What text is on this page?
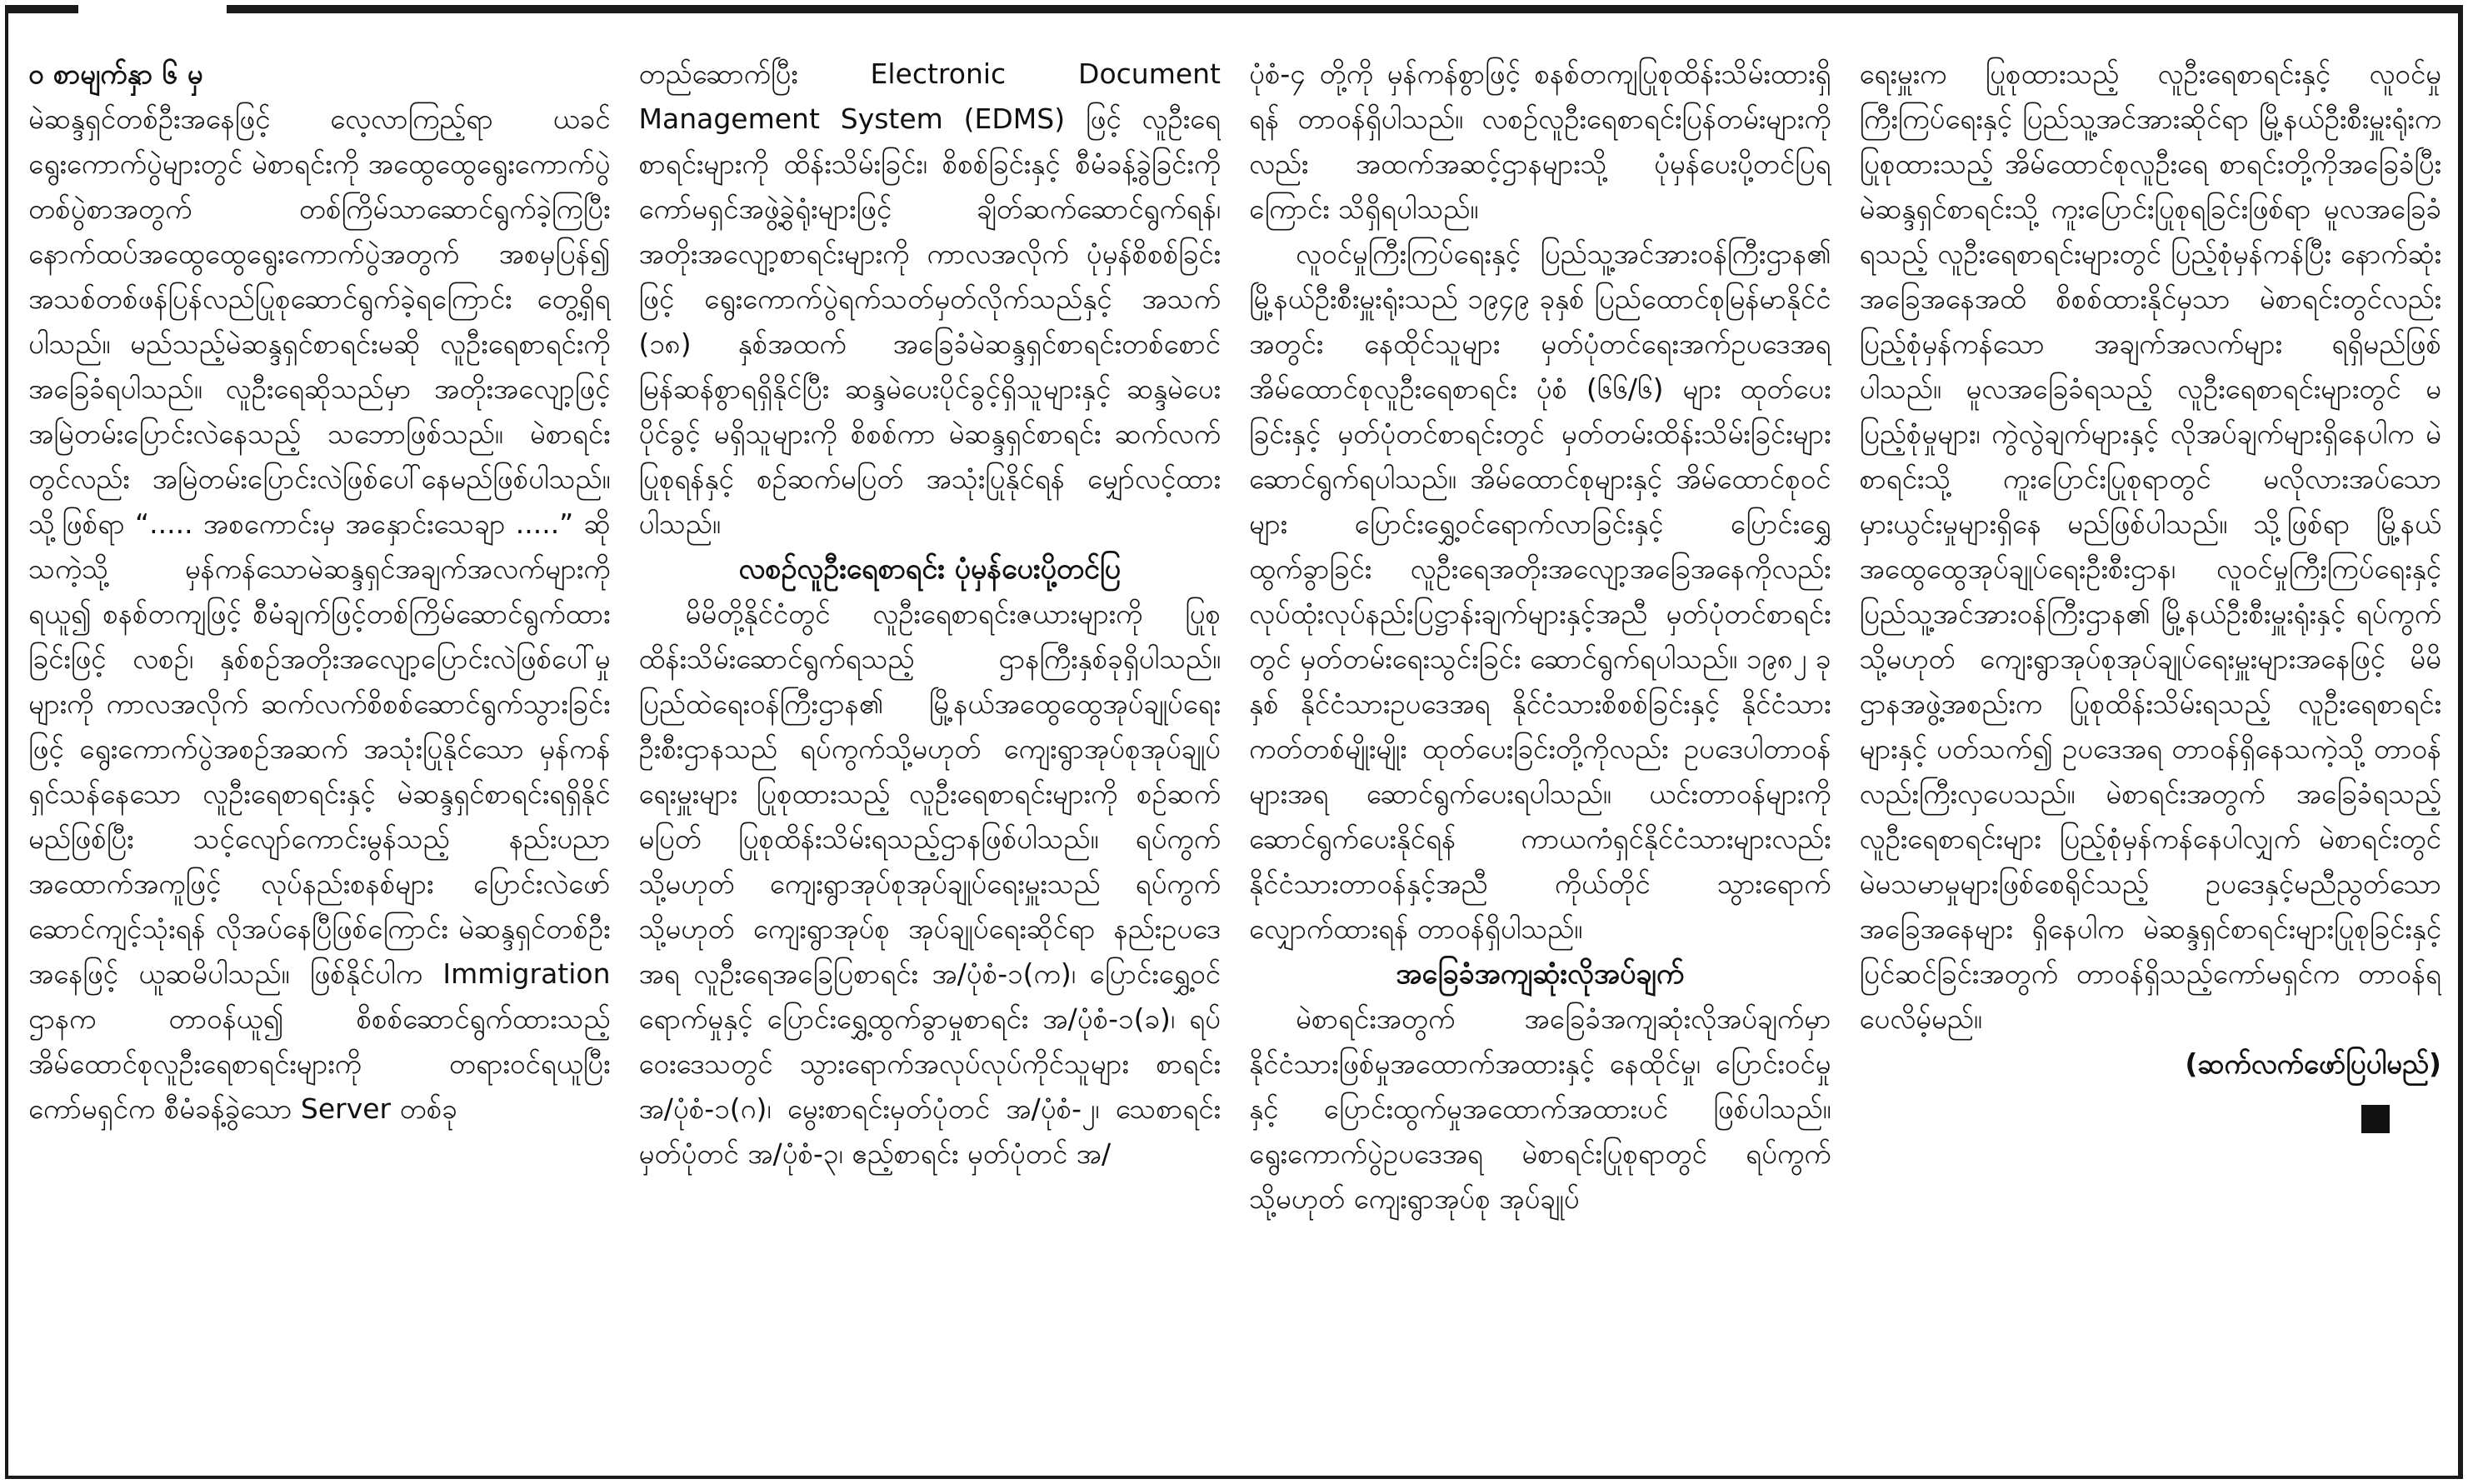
၀ စာမျက်နှာ ၆ မှ

မဲဆန္ဒရှင်တစ်ဦးအနေဖြင့် လေ့လာကြည့်ရာ ယခင်ရွေးကောက်ပွဲများတွင် မဲစာရင်းကို အထွေထွေရွေးကောက်ပွဲတစ်ပွဲစာအတွက် တစ်ကြိမ်သာဆောင်ရွက်ခဲ့ကြပြီး နောက်ထပ်အထွေထွေရွေးကောက်ပွဲအတွက် အစမှပြန်၍ အသစ်တစ်ဖန်ပြန်လည်ပြုစုဆောင်ရွက်ခဲ့ရကြောင်း တွေ့ရှိရပါသည်။ မည်သည့်မဲဆန္ဒရှင်စာရင်းမဆို လူဦးရေစာရင်းကို အခြေခံရပါသည်။ လူဦးရေဆိုသည်မှာ အတိုးအလျော့ဖြင့် အမြဲတမ်းပြောင်းလဲနေသည့် သဘောဖြစ်သည်။ မဲစာရင်းတွင်လည်း အမြဲတမ်းပြောင်းလဲဖြစ်ပေါ်နေမည်ဖြစ်ပါသည်။ သို့ဖြစ်ရာ “..... အစကောင်းမှ အနှောင်းသေချာ .....” ဆိုသကဲ့သို့ မှန်ကန်သောမဲဆန္ဒရှင်အချက်အလက်များကို ရယူ၍ စနစ်တကျဖြင့် စီမံချက်ဖြင့်တစ်ကြိမ်ဆောင်ရွက်ထားခြင်းဖြင့် လစဉ်၊ နှစ်စဉ်အတိုးအလျော့ပြောင်းလဲဖြစ်ပေါ်မှုများကို ကာလအလိုက် ဆက်လက်စိစစ်ဆောင်ရွက်သွားခြင်းဖြင့် ရွေးကောက်ပွဲအစဉ်အဆက် အသုံးပြုနိုင်သော မှန်ကန်ရှင်သန်နေသော လူဦးရေစာရင်းနှင့် မဲဆန္ဒရှင်စာရင်းရရှိနိုင်မည်ဖြစ်ပြီး သင့်လျော်ကောင်းမွန်သည့် နည်းပညာအထောက်အကူဖြင့် လုပ်နည်းစနစ်များ ပြောင်းလဲဖော်ဆောင်ကျင့်သုံးရန် လိုအပ်နေပြီဖြစ်ကြောင်း မဲဆန္ဒရှင်တစ်ဦးအနေဖြင့် ယူဆမိပါသည်။ ဖြစ်နိုင်ပါက Immigration ဌာနက တာဝန်ယူ၍ စိစစ်ဆောင်ရွက်ထားသည့် အိမ်ထောင်စုလူဦးရေစာရင်းများကို တရားဝင်ရယူပြီး ကော်မရှင်က စီမံခန့်ခွဲသော Server တစ်ခု

တည်ဆောက်ပြီး Electronic Document Management System (EDMS) ဖြင့် လူဦးရေစာရင်းများကို ထိန်းသိမ်းခြင်း၊ စိစစ်ခြင်းနှင့် စီမံခန့်ခွဲခြင်းကို ကော်မရှင်အဖွဲ့ခွဲရုံးများဖြင့် ချိတ်ဆက်ဆောင်ရွက်ရန်၊ အတိုးအလျော့စာရင်းများကို ကာလအလိုက် ပုံမှန်စိစစ်ခြင်းဖြင့် ရွေးကောက်ပွဲရက်သတ်မှတ်လိုက်သည်နှင့် အသက် (၁၈) နှစ်အထက် အခြေခံမဲဆန္ဒရှင်စာရင်းတစ်စောင် မြန်ဆန်စွာရရှိနိုင်ပြီး ဆန္ဒမဲပေးပိုင်ခွင့်ရှိသူများနှင့် ဆန္ဒမဲပေးပိုင်ခွင့် မရှိသူများကို စိစစ်ကာ မဲဆန္ဒရှင်စာရင်း ဆက်လက်ပြုစုရန်နှင့် စဉ်ဆက်မပြတ် အသုံးပြုနိုင်ရန် မျှော်လင့်ထားပါသည်။

လစဉ်လူဦးရေစာရင်း ပုံမှန်ပေးပို့တင်ပြ

မိမိတို့နိုင်ငံတွင် လူဦးရေစာရင်းဇယားများကို ပြုစုထိန်းသိမ်းဆောင်ရွက်ရသည့် ဌာနကြီးနှစ်ခုရှိပါသည်။ ပြည်ထဲရေးဝန်ကြီးဌာန၏ မြို့နယ်အထွေထွေအုပ်ချုပ်ရေးဦးစီးဌာနသည် ရပ်ကွက်သို့မဟုတ် ကျေးရွာအုပ်စုအုပ်ချုပ်ရေးမှူးများ ပြုစုထားသည့် လူဦးရေစာရင်းများကို စဉ်ဆက်မပြတ် ပြုစုထိန်းသိမ်းရသည့်ဌာနဖြစ်ပါသည်။ ရပ်ကွက် သို့မဟုတ် ကျေးရွာအုပ်စုအုပ်ချုပ်ရေးမှူးသည် ရပ်ကွက် သို့မဟုတ် ကျေးရွာအုပ်စု အုပ်ချုပ်ရေးဆိုင်ရာ နည်းဥပဒေအရ လူဦးရေအခြေပြစာရင်း အ/ပုံစံ-၁(က)၊ ပြောင်းရွှေ့ဝင်ရောက်မှုနှင့် ပြောင်းရွှေ့ထွက်ခွာမှုစာရင်း အ/ပုံစံ-၁(ခ)၊ ရပ်ဝေးဒေသတွင် သွားရောက်အလုပ်လုပ်ကိုင်သူများ စာရင်း အ/ပုံစံ-၁(ဂ)၊ မွေးစာရင်းမှတ်ပုံတင် အ/ပုံစံ-၂၊ သေစာရင်းမှတ်ပုံတင် အ/ပုံစံ-၃၊ ဧည့်စာရင်း မှတ်ပုံတင် အ/

ပုံစံ-၄ တို့ကို မှန်ကန်စွာဖြင့် စနစ်တကျပြုစုထိန်းသိမ်းထားရှိရန် တာဝန်ရှိပါသည်။ လစဉ်လူဦးရေစာရင်းပြန်တမ်းများကိုလည်း အထက်အဆင့်ဌာနများသို့ ပုံမှန်ပေးပို့တင်ပြရကြောင်း သိရှိရပါသည်။

လူဝင်မှုကြီးကြပ်ရေးနှင့် ပြည်သူ့အင်အားဝန်ကြီးဌာန၏ မြို့နယ်ဦးစီးမှူးရုံးသည် ၁၉၄၉ ခုနှစ် ပြည်ထောင်စုမြန်မာနိုင်ငံအတွင်း နေထိုင်သူများ မှတ်ပုံတင်ရေးအက်ဥပဒေအရ အိမ်ထောင်စုလူဦးရေစာရင်း ပုံစံ (၆၆/၆) များ ထုတ်ပေးခြင်းနှင့် မှတ်ပုံတင်စာရင်းတွင် မှတ်တမ်းထိန်းသိမ်းခြင်းများ ဆောင်ရွက်ရပါသည်။ အိမ်ထောင်စုများနှင့် အိမ်ထောင်စုဝင်များ ပြောင်းရွှေ့ဝင်ရောက်လာခြင်းနှင့် ပြောင်းရွှေ့ထွက်ခွာခြင်း လူဦးရေအတိုးအလျော့အခြေအနေကိုလည်း လုပ်ထုံးလုပ်နည်းပြဋ္ဌာန်းချက်များနှင့်အညီ မှတ်ပုံတင်စာရင်းတွင် မှတ်တမ်းရေးသွင်းခြင်း ဆောင်ရွက်ရပါသည်။ ၁၉၈၂ ခုနှစ် နိုင်ငံသားဥပဒေအရ နိုင်ငံသားစိစစ်ခြင်းနှင့် နိုင်ငံသားကတ်တစ်မျိုးမျိုး ထုတ်ပေးခြင်းတို့ကိုလည်း ဥပဒေပါတာဝန်များအရ ဆောင်ရွက်ပေးရပါသည်။ ယင်းတာဝန်များကို ဆောင်ရွက်ပေးနိုင်ရန် ကာယကံရှင်နိုင်ငံသားများလည်း နိုင်ငံသားတာဝန်နှင့်အညီ ကိုယ်တိုင် သွားရောက်လျှောက်ထားရန် တာဝန်ရှိပါသည်။

အခြေခံအကျဆုံးလိုအပ်ချက်

မဲစာရင်းအတွက် အခြေခံအကျဆုံးလိုအပ်ချက်မှာ နိုင်ငံသားဖြစ်မှုအထောက်အထားနှင့် နေထိုင်မှု၊ ပြောင်းဝင်မှုနှင့် ပြောင်းထွက်မှုအထောက်အထားပင် ဖြစ်ပါသည်။ ရွေးကောက်ပွဲဥပဒေအရ မဲစာရင်းပြုစုရာတွင် ရပ်ကွက် သို့မဟုတ် ကျေးရွာအုပ်စု အုပ်ချုပ်

ရေးမှူးက ပြုစုထားသည့် လူဦးရေစာရင်းနှင့် လူဝင်မှု ကြီးကြပ်ရေးနှင့် ပြည်သူ့အင်အားဆိုင်ရာ မြို့နယ်ဦးစီးမှူးရုံးကပြုစုထားသည့် အိမ်ထောင်စုလူဦးရေ စာရင်းတို့ကိုအခြေခံပြီး မဲဆန္ဒရှင်စာရင်းသို့ ကူးပြောင်းပြုစုရခြင်းဖြစ်ရာ မူလအခြေခံရသည့် လူဦးရေစာရင်းများတွင် ပြည့်စုံမှန်ကန်ပြီး နောက်ဆုံးအခြေအနေအထိ စိစစ်ထားနိုင်မှသာ မဲစာရင်းတွင်လည်း ပြည့်စုံမှန်ကန်သော အချက်အလက်များ ရရှိမည်ဖြစ်ပါသည်။ မူလအခြေခံရသည့် လူဦးရေစာရင်းများတွင် မပြည့်စုံမှုများ၊ ကွဲလွဲချက်များနှင့် လိုအပ်ချက်များရှိနေပါက မဲစာရင်းသို့ ကူးပြောင်းပြုစုရာတွင် မလိုလားအပ်သော မှားယွင်းမှုများရှိနေ မည်ဖြစ်ပါသည်။ သို့ဖြစ်ရာ မြို့နယ်အထွေထွေအုပ်ချုပ်ရေးဦးစီးဌာန၊ လူဝင်မှုကြီးကြပ်ရေးနှင့် ပြည်သူ့အင်အားဝန်ကြီးဌာန၏ မြို့နယ်ဦးစီးမှူးရုံးနှင့် ရပ်ကွက် သို့မဟုတ် ကျေးရွာအုပ်စုအုပ်ချုပ်ရေးမှူးများအနေဖြင့် မိမိဌာနအဖွဲ့အစည်းက ပြုစုထိန်းသိမ်းရသည့် လူဦးရေစာရင်းများနှင့် ပတ်သက်၍ ဥပဒေအရ တာဝန်ရှိနေသကဲ့သို့ တာဝန်လည်းကြီးလှပေသည်။ မဲစာရင်းအတွက် အခြေခံရသည့် လူဦးရေစာရင်းများ ပြည့်စုံမှန်ကန်နေပါလျှက် မဲစာရင်းတွင် မဲမသမာမှုများဖြစ်စေရိုင်သည့် ဥပဒေနှင့်မညီညွတ်သော အခြေအနေများ ရှိနေပါက မဲဆန္ဒရှင်စာရင်းများပြုစုခြင်းနှင့် ပြင်ဆင်ခြင်းအတွက် တာဝန်ရှိသည့်ကော်မရှင်က တာဝန်ရပေလိမ့်မည်။

(ဆက်လက်ဖော်ပြပါမည်)
